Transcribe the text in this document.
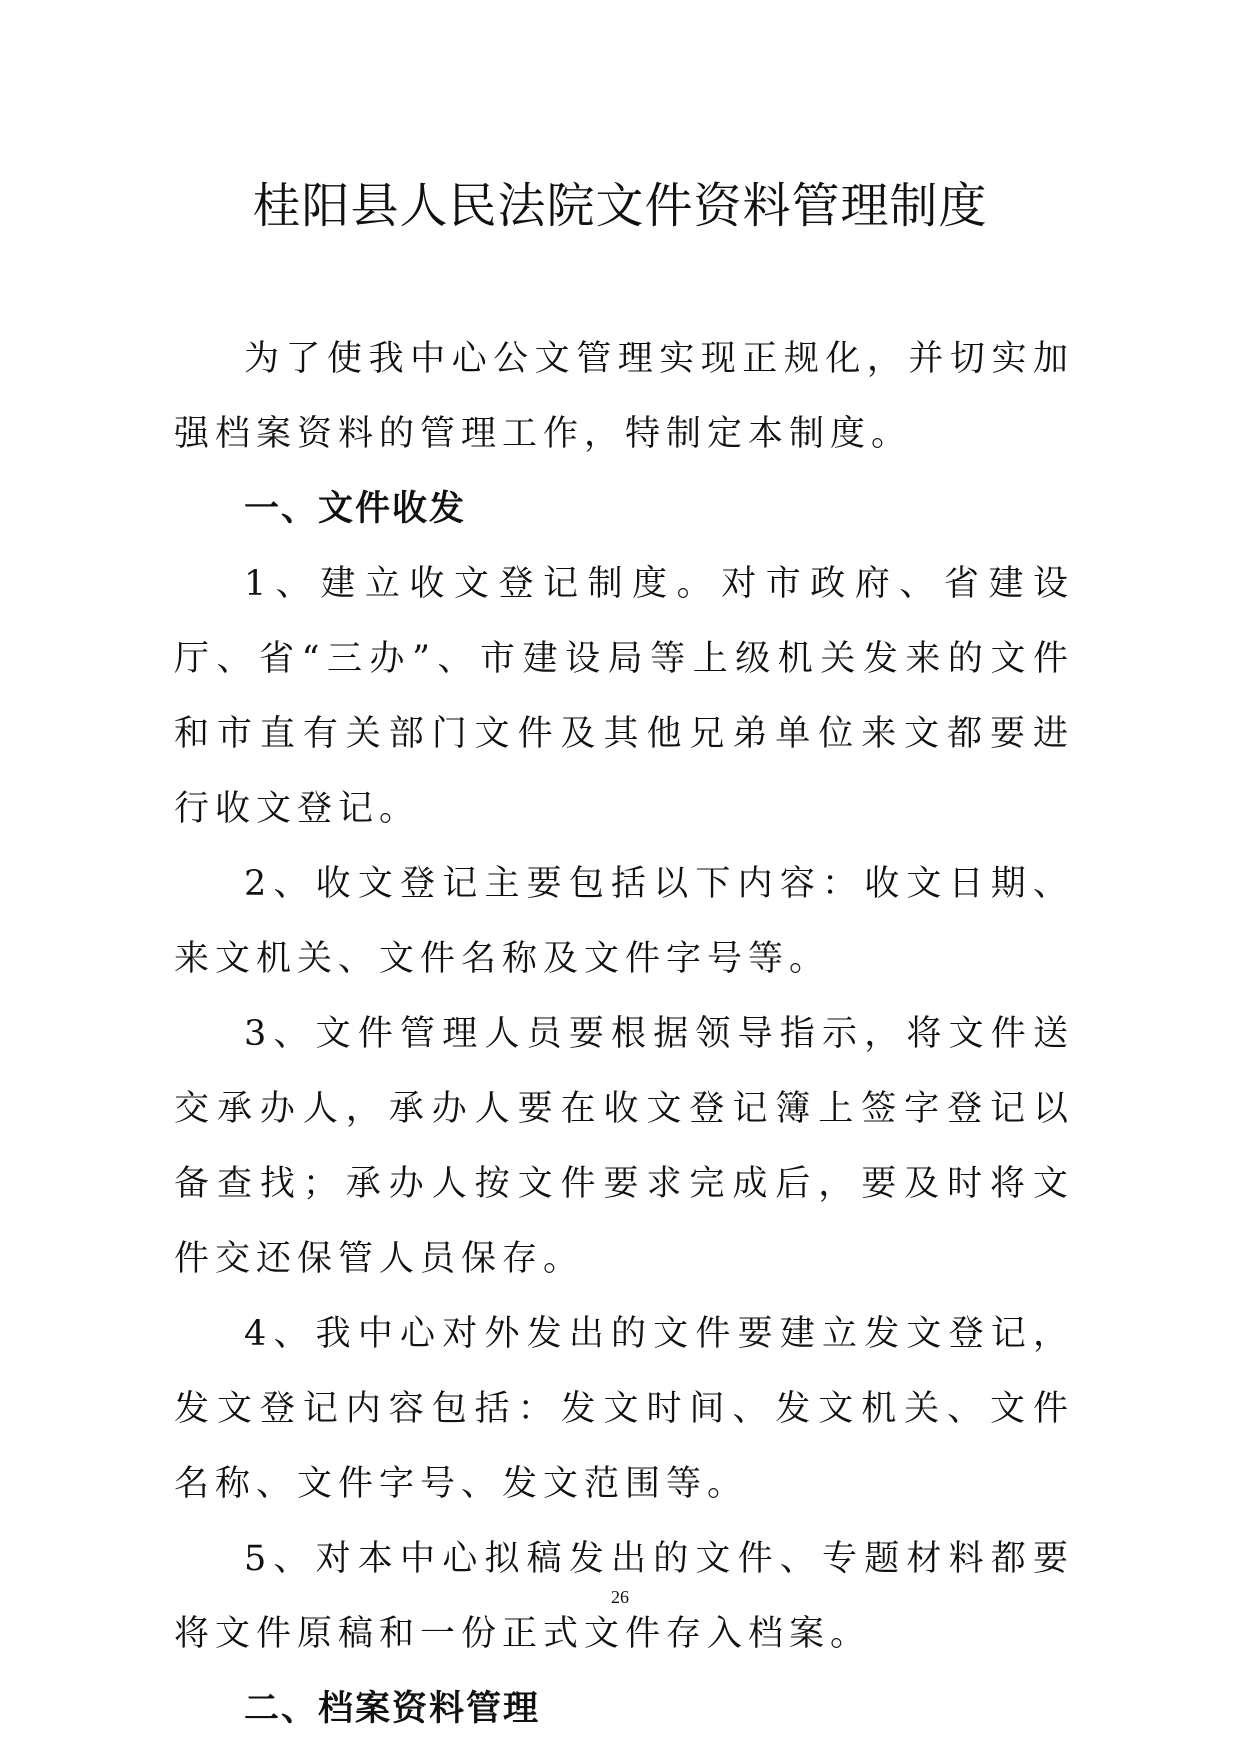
桂阳县人民法院文件资料管理制度

为了使我中心公文管理实现正规化，并切实加强档案资料的管理工作，特制定本制度。

一、文件收发

1、建立收文登记制度。对市政府、省建设厅、省“三办”、市建设局等上级机关发来的文件和市直有关部门文件及其他兄弟单位来文都要进行收文登记。

2、收文登记主要包括以下内容：收文日期、来文机关、文件名称及文件字号等。

3、文件管理人员要根据领导指示，将文件送交承办人，承办人要在收文登记簿上签字登记以备查找；承办人按文件要求完成后，要及时将文件交还保管人员保存。

4、我中心对外发出的文件要建立发文登记，发文登记内容包括：发文时间、发文机关、文件名称、文件字号、发文范围等。

5、对本中心拟稿发出的文件、专题材料都要将文件原稿和一份正式文件存入档案。

二、档案资料管理

26
